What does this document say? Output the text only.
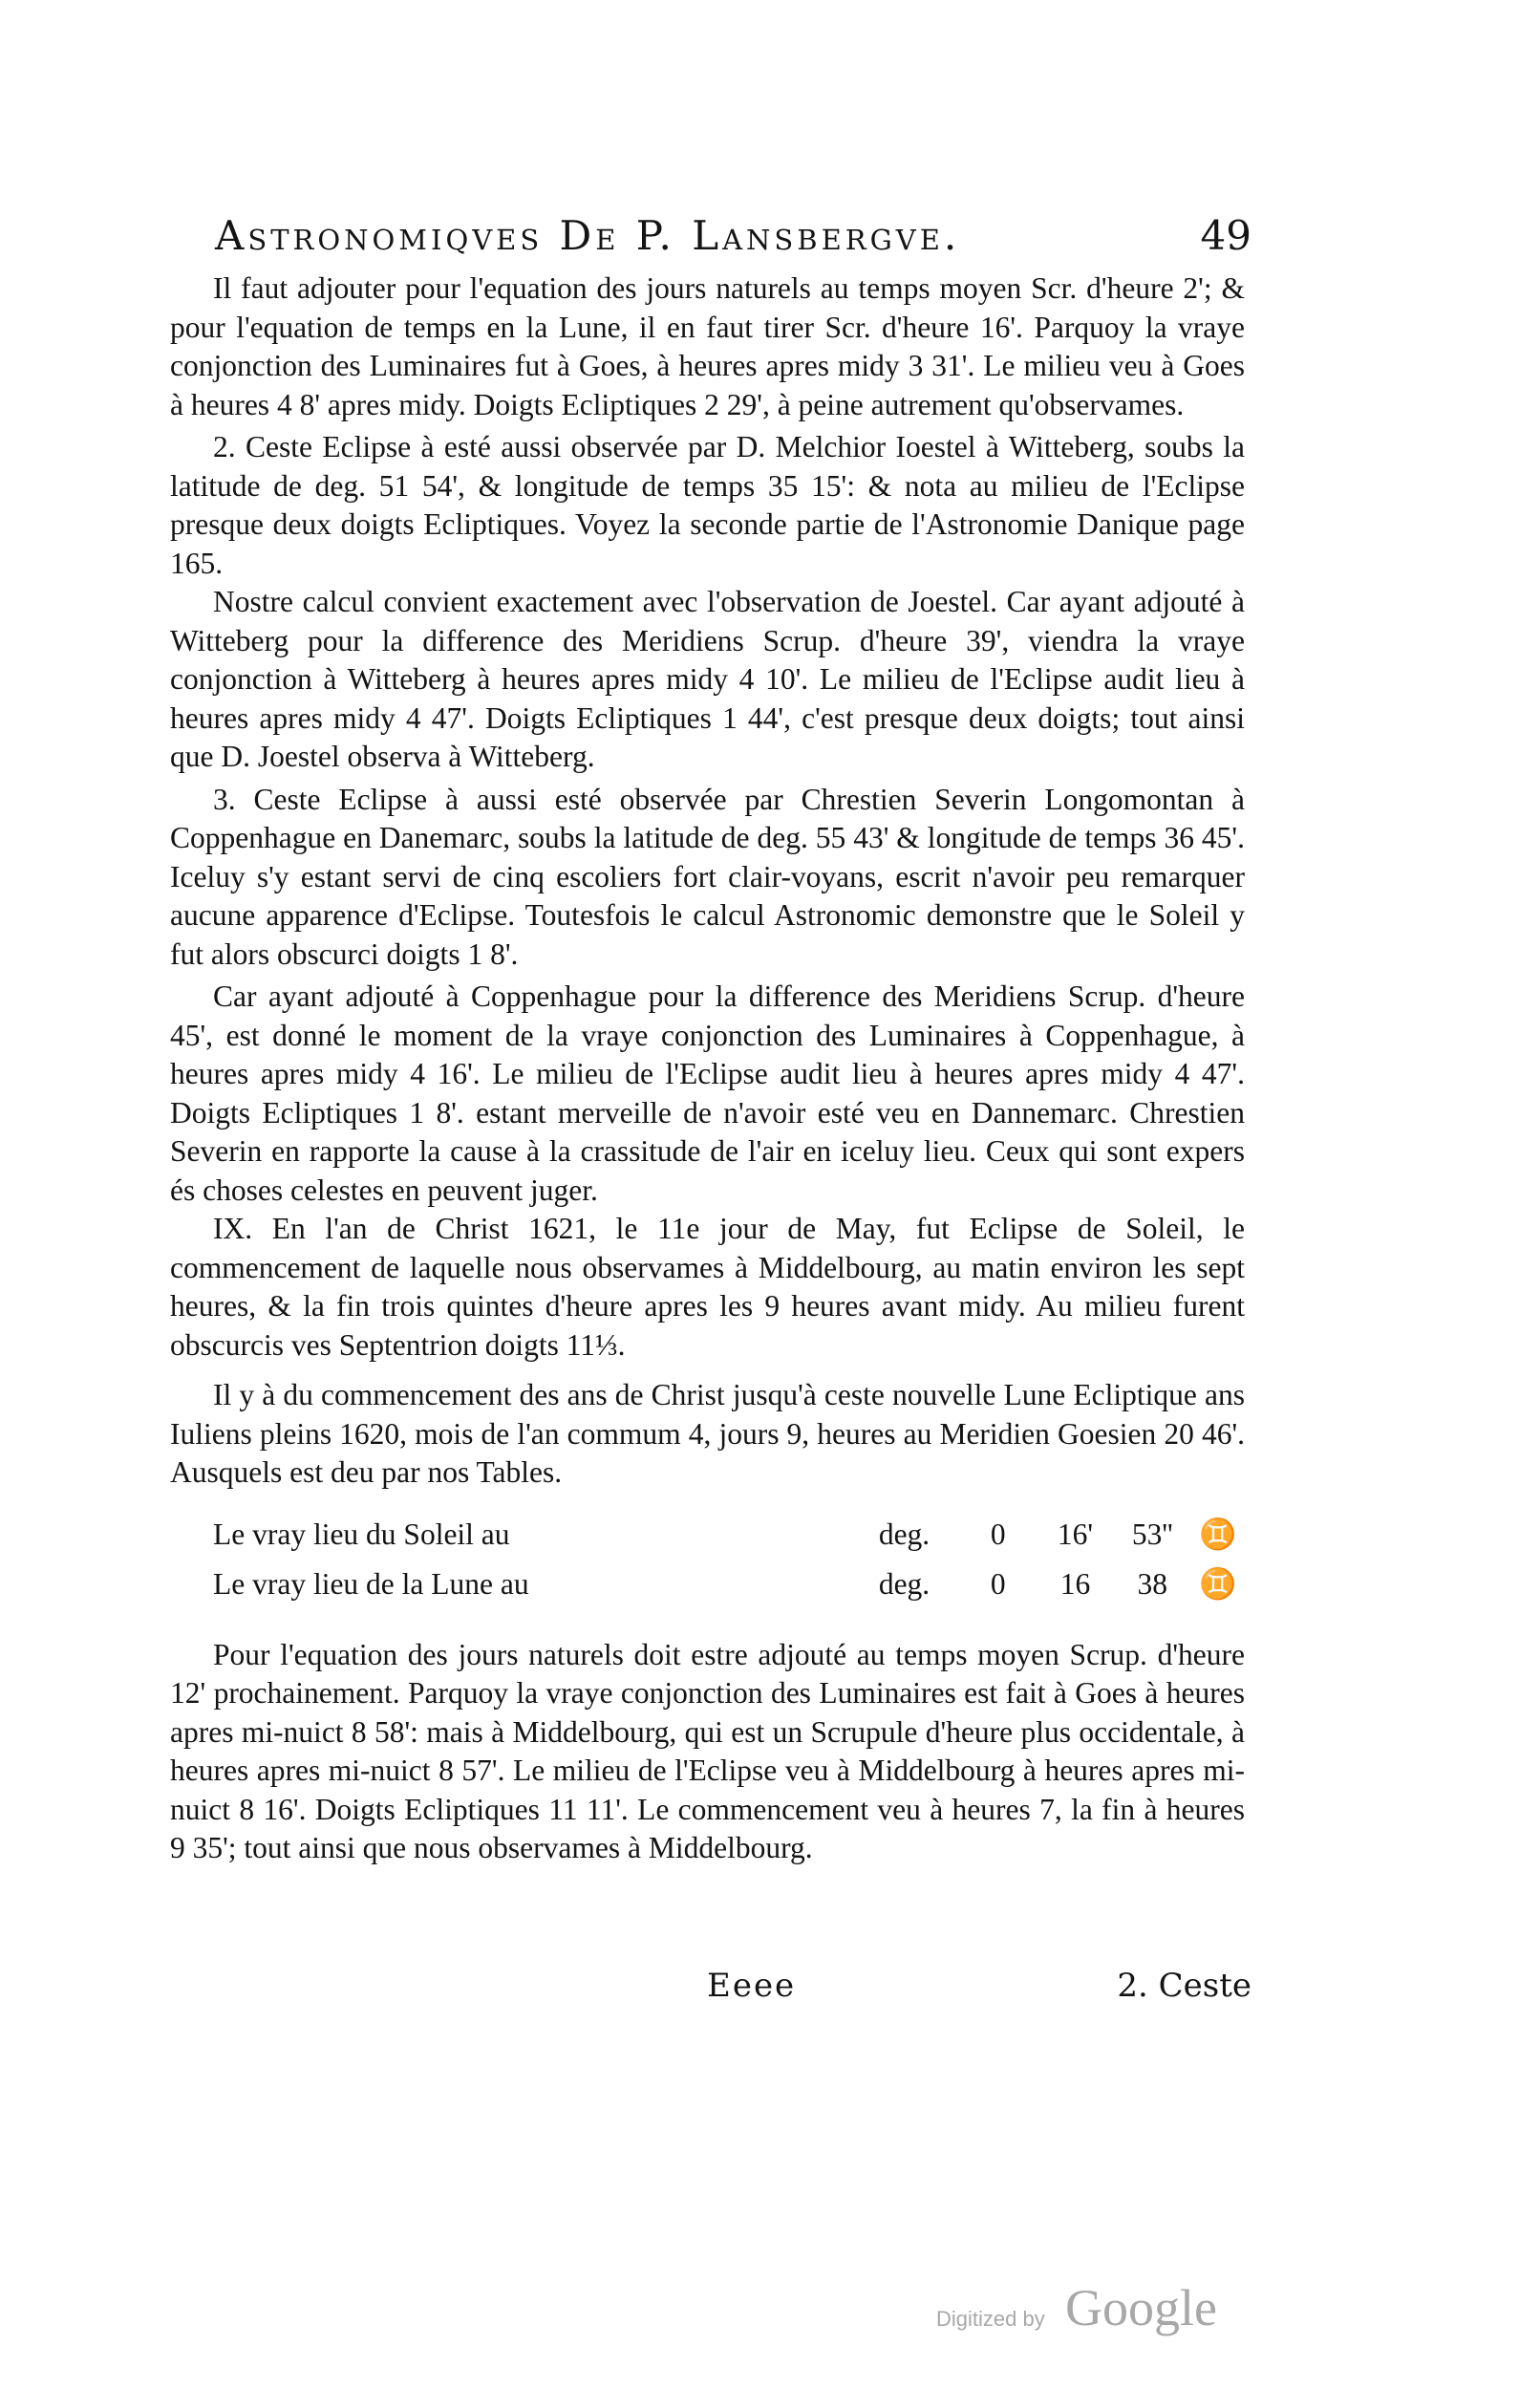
Astronomiqves De P. Lansbergve.	49

Il faut adjouter pour l'equation des jours naturels au temps moyen Scr. d'heure 2'; & pour l'equation de temps en la Lune, il en faut tirer Scr. d'heure 16'. Parquoy la vraye conjonction des Luminaires fut à Goes, à heures apres midy 3 31'. Le milieu veu à Goes à heures 4 8' apres midy. Doigts Ecliptiques 2 29', à peine autrement qu'observames.

2. Ceste Eclipse à esté aussi observée par D. Melchior Ioestel à Witteberg, soubs la latitude de deg. 51 54', & longitude de temps 35 15': & nota au milieu de l'Eclipse presque deux doigts Ecliptiques. Voyez la seconde partie de l'Astronomie Danique page 165.

Nostre calcul convient exactement avec l'observation de Joestel. Car ayant adjouté à Witteberg pour la difference des Meridiens Scrup. d'heure 39', viendra la vraye conjonction à Witteberg à heures apres midy 4 10'. Le milieu de l'Eclipse audit lieu à heures apres midy 4 47'. Doigts Ecliptiques 1 44', c'est presque deux doigts; tout ainsi que D. Joestel observa à Witteberg.

3. Ceste Eclipse à aussi esté observée par Chrestien Severin Longomontan à Coppenhague en Danemarc, soubs la latitude de deg. 55 43' & longitude de temps 36 45'. Iceluy s'y estant servi de cinq escoliers fort clair-voyans, escrit n'avoir peu remarquer aucune apparence d'Eclipse. Toutesfois le calcul Astronomic demonstre que le Soleil y fut alors obscurci doigts 1 8'.

Car ayant adjouté à Coppenhague pour la difference des Meridiens Scrup. d'heure 45', est donné le moment de la vraye conjonction des Luminaires à Coppenhague, à heures apres midy 4 16'. Le milieu de l'Eclipse audit lieu à heures apres midy 4 47'. Doigts Ecliptiques 1 8'. estant merveille de n'avoir esté veu en Dannemarc. Chrestien Severin en rapporte la cause à la crassitude de l'air en iceluy lieu. Ceux qui sont expers és choses celestes en peuvent juger.

IX. En l'an de Christ 1621, le 11e jour de May, fut Eclipse de Soleil, le commencement de laquelle nous observames à Middelbourg, au matin environ les sept heures, & la fin trois quintes d'heure apres les 9 heures avant midy. Au milieu furent obscurcis ves Septentrion doigts 11⅓.

Il y à du commencement des ans de Christ jusqu'à ceste nouvelle Lune Ecliptique ans Iuliens pleins 1620, mois de l'an commum 4, jours 9, heures au Meridien Goesien 20 46'. Ausquels est deu par nos Tables.

Le vray lieu du Soleil au	deg.	0	16'	53'' ♊
Le vray lieu de la Lune au	deg.	0	16	38	♊

Pour l'equation des jours naturels doit estre adjouté au temps moyen Scrup. d'heure 12' prochainement. Parquoy la vraye conjonction des Luminaires est fait à Goes à heures apres mi-nuict 8 58': mais à Middelbourg, qui est un Scrupule d'heure plus occidentale, à heures apres mi-nuict 8 57'. Le milieu de l'Eclipse veu à Middelbourg à heures apres mi-nuict 8 16'. Doigts Ecliptiques 11 11'. Le commencement veu à heures 7, la fin à heures 9 35'; tout ainsi que nous observames à Middelbourg.

Eeee	2. Ceste
Digitized by Google
